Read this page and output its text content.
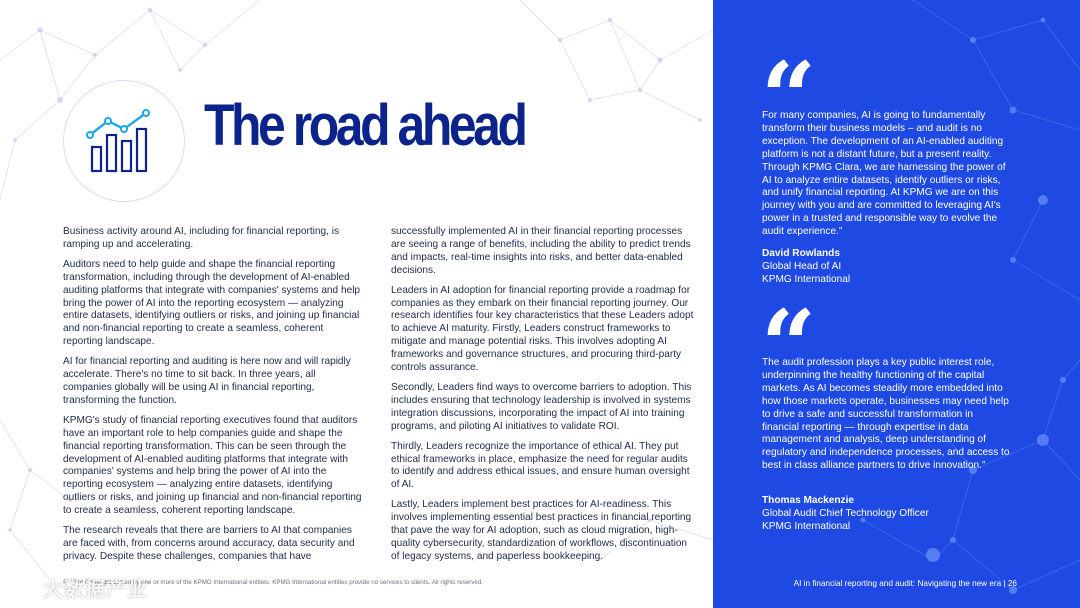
The road ahead

Business activity around AI, including for financial reporting, is ramping up and accelerating.

Auditors need to help guide and shape the financial reporting transformation, including through the development of AI-enabled auditing platforms that integrate with companies' systems and help bring the power of AI into the reporting ecosystem — analyzing entire datasets, identifying outliers or risks, and joining up financial and non-financial reporting to create a seamless, coherent reporting landscape.

AI for financial reporting and auditing is here now and will rapidly accelerate. There's no time to sit back. In three years, all companies globally will be using AI in financial reporting, transforming the function.

KPMG's study of financial reporting executives found that auditors have an important role to help companies guide and shape the financial reporting transformation. This can be seen through the development of AI-enabled auditing platforms that integrate with companies' systems and help bring the power of AI into the reporting ecosystem — analyzing entire datasets, identifying outliers or risks, and joining up financial and non-financial reporting to create a seamless, coherent reporting landscape.

The research reveals that there are barriers to AI that companies are faced with, from concerns around accuracy, data security and privacy. Despite these challenges, companies that have

successfully implemented AI in their financial reporting processes are seeing a range of benefits, including the ability to predict trends and impacts, real-time insights into risks, and better data-enabled decisions.

Leaders in AI adoption for financial reporting provide a roadmap for companies as they embark on their financial reporting journey. Our research identifies four key characteristics that these Leaders adopt to achieve AI maturity. Firstly, Leaders construct frameworks to mitigate and manage potential risks. This involves adopting AI frameworks and governance structures, and procuring third-party controls assurance.

Secondly, Leaders find ways to overcome barriers to adoption. This includes ensuring that technology leadership is involved in systems integration discussions, incorporating the impact of AI into training programs, and piloting AI initiatives to validate ROI.

Thirdly, Leaders recognize the importance of ethical AI. They put ethical frameworks in place, emphasize the need for regular audits to identify and address ethical issues, and ensure human oversight of AI.

Lastly, Leaders implement best practices for AI-readiness. This involves implementing essential best practices in financial reporting that pave the way for AI adoption, such as cloud migration, high-quality cybersecurity, standardization of workflows, discontinuation of legacy systems, and paperless bookkeeping.

© 2024 Copyright owned by one or more of the KPMG International entities. KPMG International entities provide no services to clients. All rights reserved.
“

For many companies, AI is going to fundamentally transform their business models – and audit is no exception. The development of an AI-enabled auditing platform is not a distant future, but a present reality. Through KPMG Clara, we are harnessing the power of AI to analyze entire datasets, identify outliers or risks, and unify financial reporting. At KPMG we are on this journey with you and are committed to leveraging AI's power in a trusted and responsible way to evolve the audit experience.”

David Rowlands
Global Head of AI
KPMG International
“

The audit profession plays a key public interest role, underpinning the healthy functioning of the capital markets. As AI becomes steadily more embedded into how those markets operate, businesses may need help to drive a safe and successful transformation in financial reporting — through expertise in data management and analysis, deep understanding of regulatory and independence processes, and access to best in class alliance partners to drive innovation.”

Thomas Mackenzie
Global Audit Chief Technology Officer
KPMG International
AI in financial reporting and audit: Navigating the new era | 26
大数据产业
